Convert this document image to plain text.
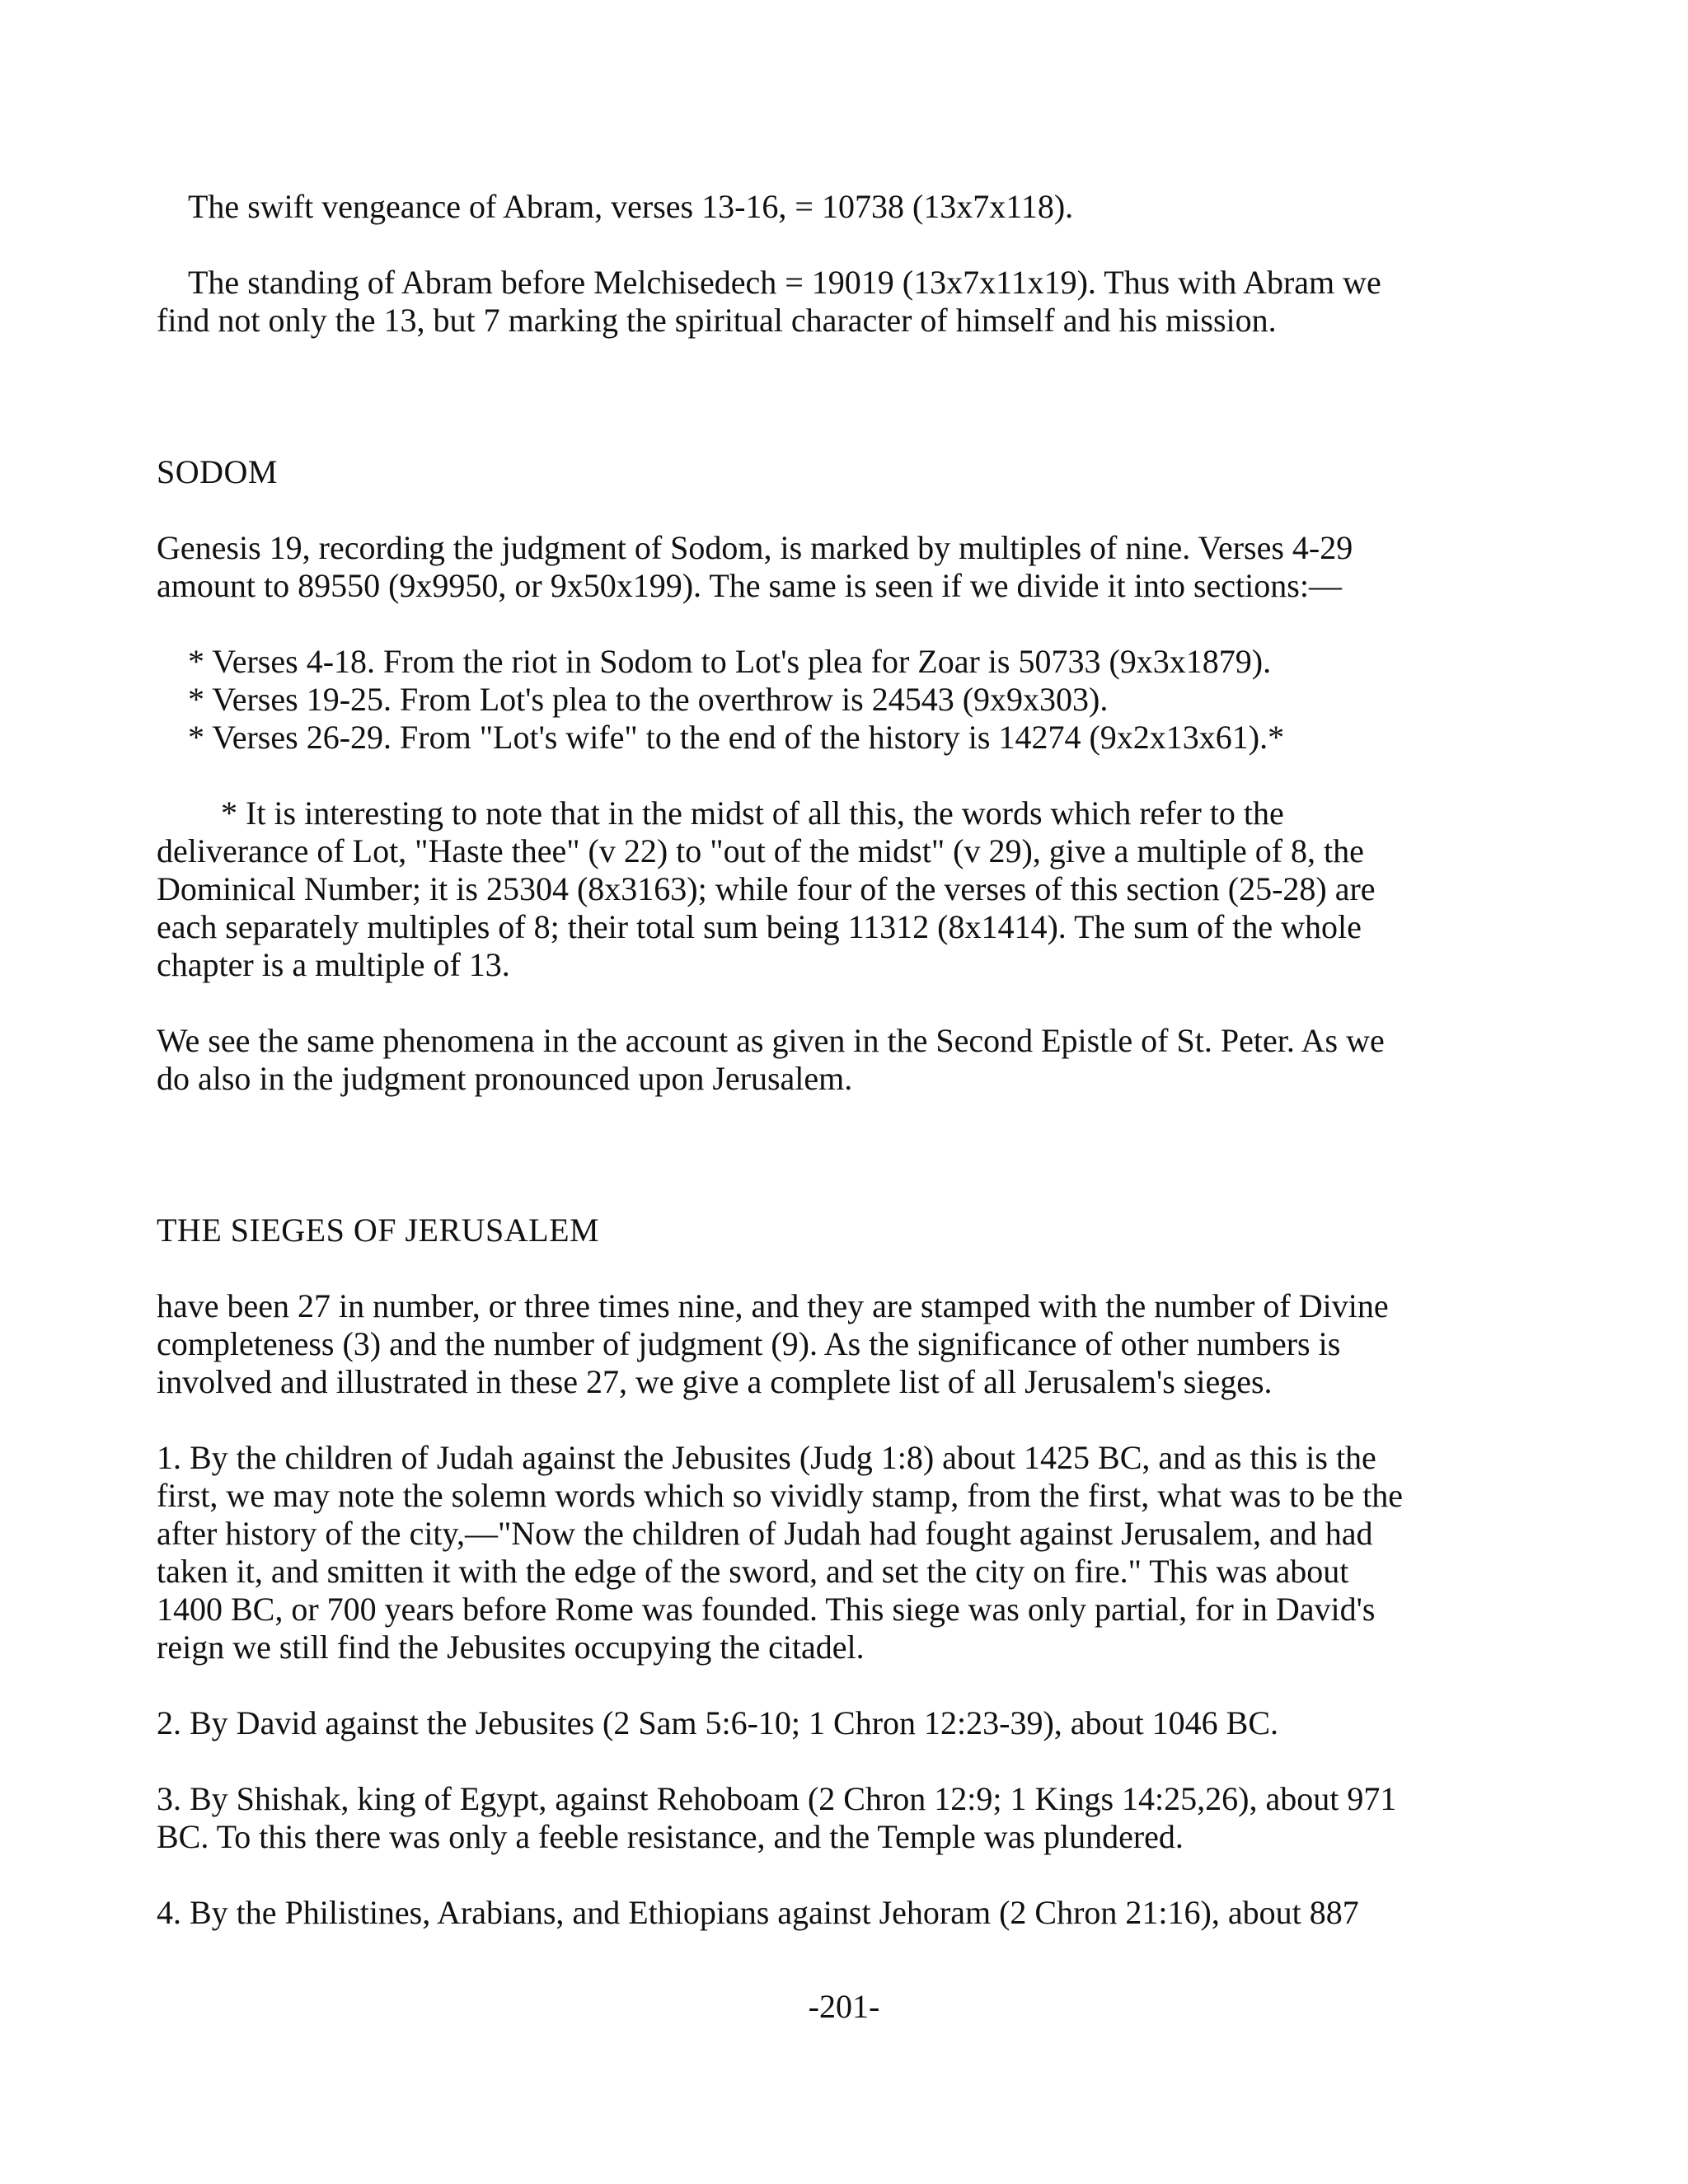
The swift vengeance of Abram, verses 13-16, = 10738 (13x7x118).

The standing of Abram before Melchisedech = 19019 (13x7x11x19). Thus with Abram we

find not only the 13, but 7 marking the spiritual character of himself and his mission.

SODOM

Genesis 19, recording the judgment of Sodom, is marked by multiples of nine. Verses 4-29

amount to 89550 (9x9950, or 9x50x199). The same is seen if we divide it into sections:—

* Verses 4-18. From the riot in Sodom to Lot's plea for Zoar is 50733 (9x3x1879).

* Verses 19-25. From Lot's plea to the overthrow is 24543 (9x9x303).

* Verses 26-29. From "Lot's wife" to the end of the history is 14274 (9x2x13x61).*

* It is interesting to note that in the midst of all this, the words which refer to the

deliverance of Lot, "Haste thee" (v 22) to "out of the midst" (v 29), give a multiple of 8, the

Dominical Number; it is 25304 (8x3163); while four of the verses of this section (25-28) are

each separately multiples of 8; their total sum being 11312 (8x1414). The sum of the whole

chapter is a multiple of 13.

We see the same phenomena in the account as given in the Second Epistle of St. Peter. As we

do also in the judgment pronounced upon Jerusalem.

THE SIEGES OF JERUSALEM

have been 27 in number, or three times nine, and they are stamped with the number of Divine

completeness (3) and the number of judgment (9). As the significance of other numbers is

involved and illustrated in these 27, we give a complete list of all Jerusalem's sieges.

1. By the children of Judah against the Jebusites (Judg 1:8) about 1425 BC, and as this is the

first, we may note the solemn words which so vividly stamp, from the first, what was to be the

after history of the city,—"Now the children of Judah had fought against Jerusalem, and had

taken it, and smitten it with the edge of the sword, and set the city on fire." This was about

1400 BC, or 700 years before Rome was founded. This siege was only partial, for in David's

reign we still find the Jebusites occupying the citadel.

2. By David against the Jebusites (2 Sam 5:6-10; 1 Chron 12:23-39), about 1046 BC.

3. By Shishak, king of Egypt, against Rehoboam (2 Chron 12:9; 1 Kings 14:25,26), about 971

BC. To this there was only a feeble resistance, and the Temple was plundered.

4. By the Philistines, Arabians, and Ethiopians against Jehoram (2 Chron 21:16), about 887

-201-
